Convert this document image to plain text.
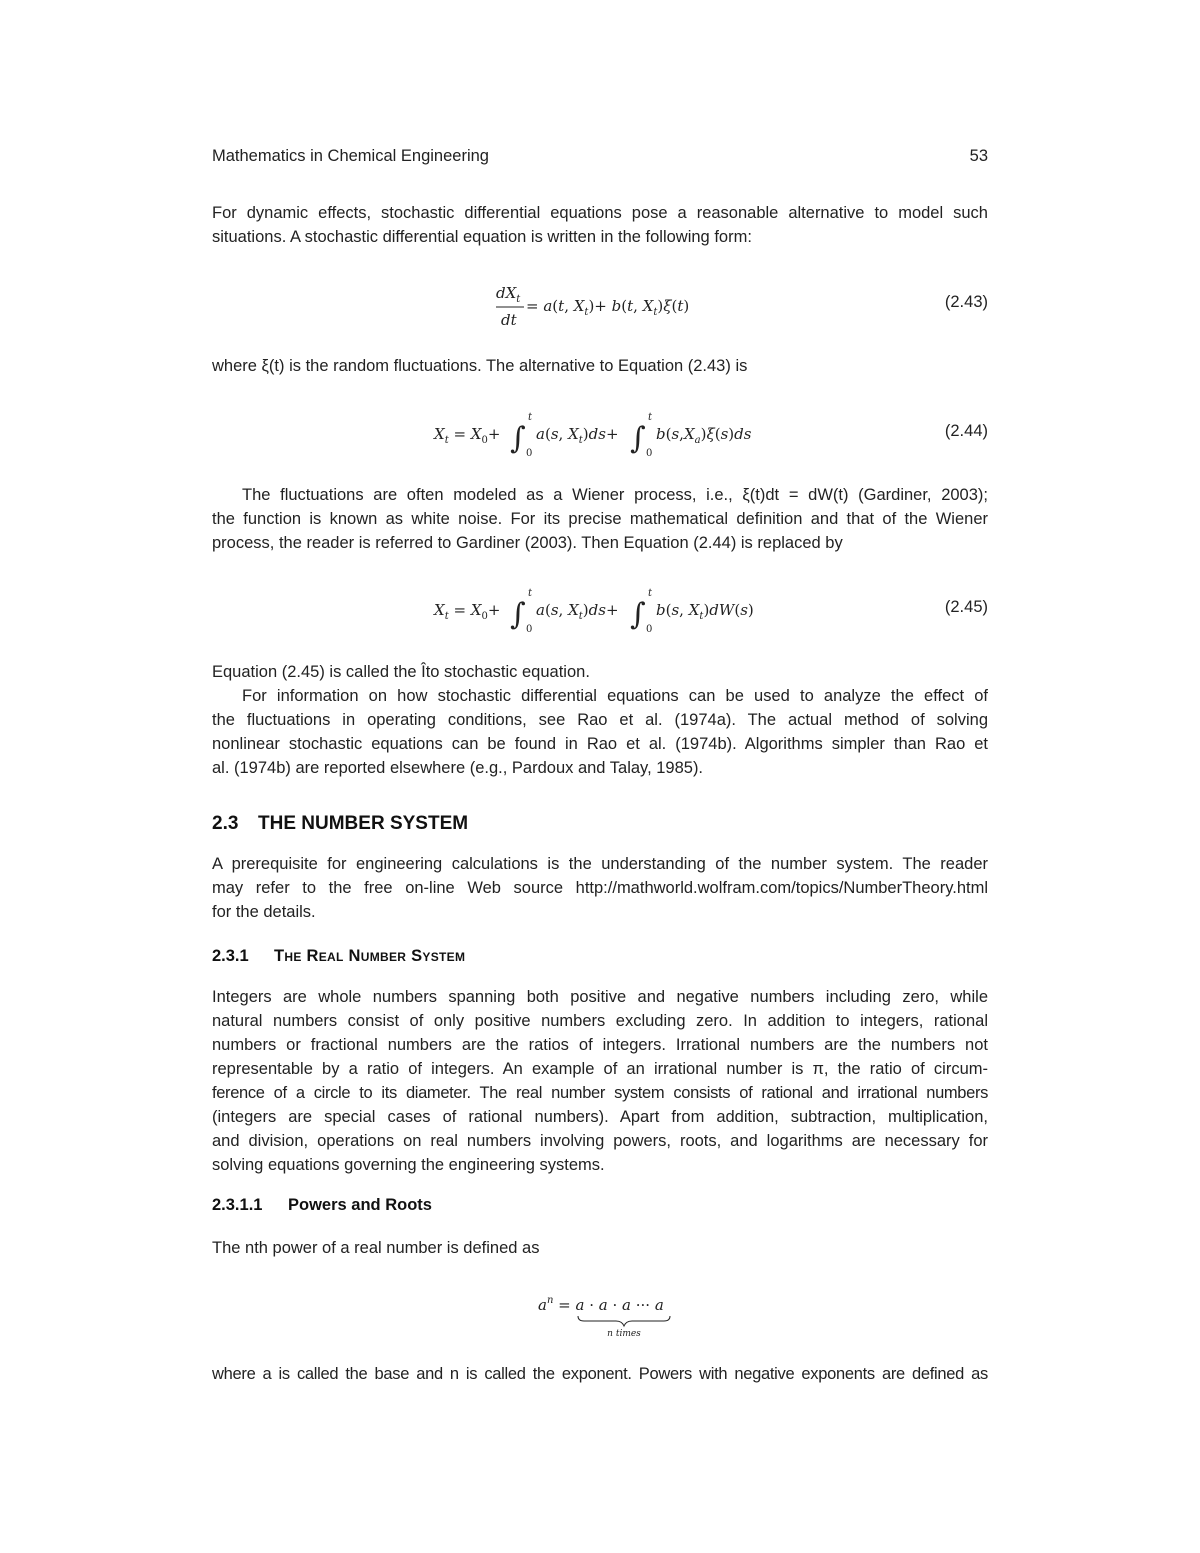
Mathematics in Chemical Engineering	53
For dynamic effects, stochastic differential equations pose a reasonable alternative to model such
situations. A stochastic differential equation is written in the following form:
$dX_t$
dt
= a(t, $X_t)+ b(t$, $X_t)\xi(t)$	(2.43)
where ξ(t) is the random fluctuations. The alternative to Equation (2.43) is
$X_t = X_0+$ ∫
t
0
a(s, $X_t)ds+$ ∫
t
0
$b(s,X_a)\xi(s)ds$	(2.44)
The fluctuations are often modeled as a Wiener process, i.e., ξ(t)dt = dW(t) (Gardiner, 2003);
the function is known as white noise. For its precise mathematical definition and that of the Wiener
process, the reader is referred to Gardiner (2003). Then Equation (2.44) is replaced by
$X_t = X_0+$ ∫
t
0
a(s, $X_t)ds+$ ∫
t
0
b(s, $X_t)dW(s)$	(2.45)
Equation (2.45) is called the Îto stochastic equation.
For information on how stochastic differential equations can be used to analyze the effect of
the fluctuations in operating conditions, see Rao et al. (1974a). The actual method of solving
nonlinear stochastic equations can be found in Rao et al. (1974b). Algorithms simpler than Rao et
al. (1974b) are reported elsewhere (e.g., Pardoux and Talay, 1985).
2.3 THE NUMBER SYSTEM
A prerequisite for engineering calculations is the understanding of the number system. The reader
may refer to the free on-line Web source http://mathworld.wolfram.com/topics/NumberTheory.html
for the details.
2.3.1 The Real Number System
Integers are whole numbers spanning both positive and negative numbers including zero, while
natural numbers consist of only positive numbers excluding zero. In addition to integers, rational
numbers or fractional numbers are the ratios of integers. Irrational numbers are the numbers not
representable by a ratio of integers. An example of an irrational number is π, the ratio of circum-
ference of a circle to its diameter. The real number system consists of rational and irrational numbers
(integers are special cases of rational numbers). Apart from addition, subtraction, multiplication,
and division, operations on real numbers involving powers, roots, and logarithms are necessary for
solving equations governing the engineering systems.
2.3.1.1 Powers and Roots
The nth power of a real number is defined as
$a^n = a \cdot a \cdot a$ ··· a
n times
where a is called the base and n is called the exponent. Powers with negative exponents are defined as
